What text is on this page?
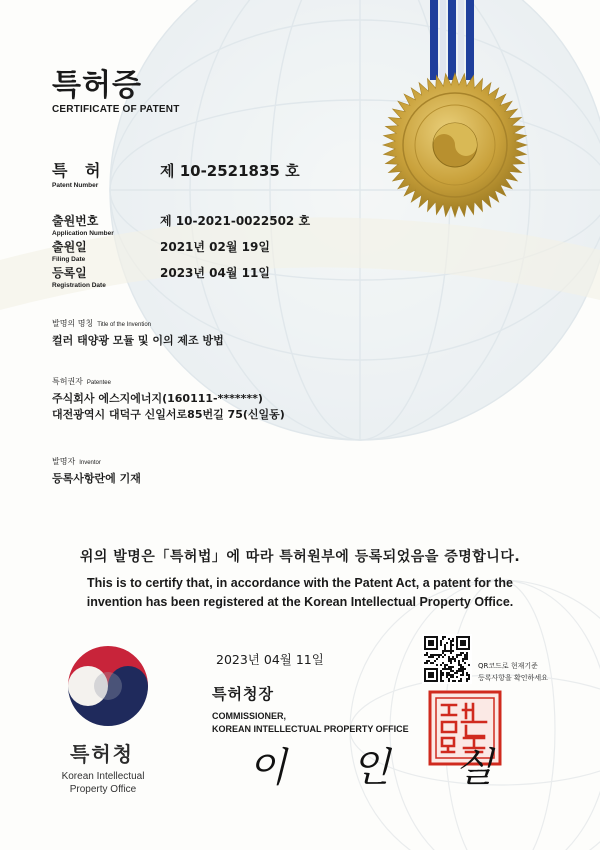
특허증
CERTIFICATE OF PATENT
특 허
Patent Number
제 10-2521835 호
출원번호
Application Number
제 10-2021-0022502 호
출원일
Filing Date
2021년 02월 19일
등록일
Registration Date
2023년 04월 11일
발명의 명칭 Title of the Invention
컬러 태양광 모듈 및 이의 제조 방법
특허권자 Patentee
주식회사 에스지에너지(160111-*******)
대전광역시 대덕구 신일서로85번길 75(신일동)
발명자 Inventor
등록사항란에 기재
위의 발명은「특허법」에 따라 특허원부에 등록되었음을 증명합니다.
This is to certify that, in accordance with the Patent Act, a patent for the
invention has been registered at the Korean Intellectual Property Office.
2023년 04월 11일
특허청장
COMMISSIONER,
KOREAN INTELLECTUAL PROPERTY OFFICE
이 인 실
QR코드로 현재기준
등록사항을 확인하세요
특허청
Korean Intellectual
Property Office
